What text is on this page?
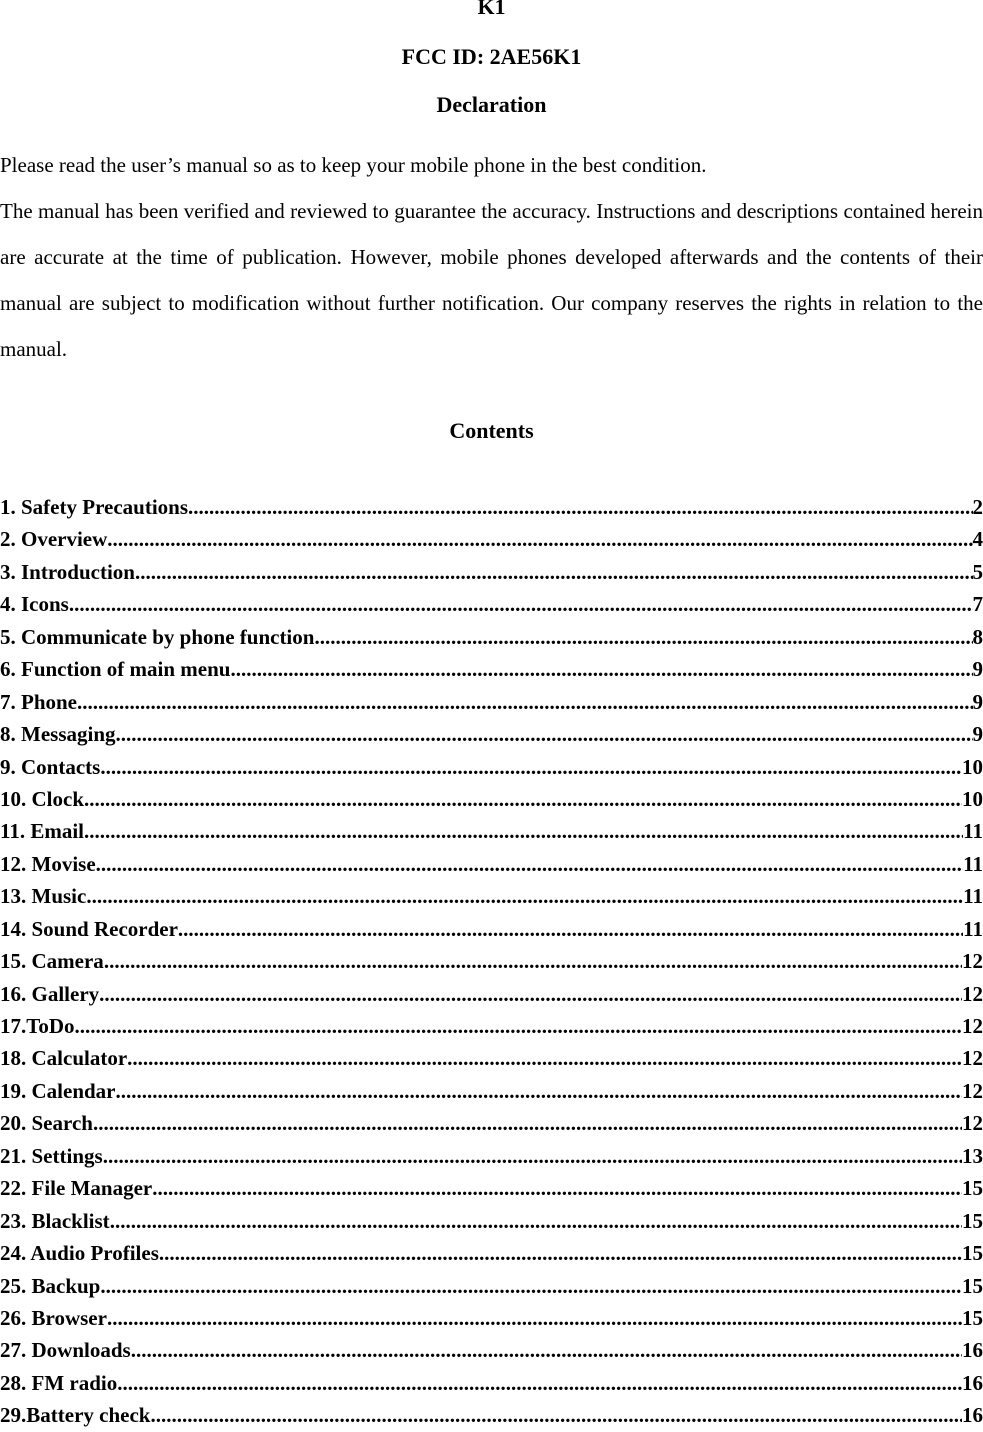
K1
FCC ID: 2AE56K1
Declaration

Please read the user’s manual so as to keep your mobile phone in the best condition.

The manual has been verified and reviewed to guarantee the accuracy. Instructions and descriptions contained herein are accurate at the time of publication. However, mobile phones developed afterwards and the contents of their manual are subject to modification without further notification. Our company reserves the rights in relation to the manual.

Contents
1. Safety Precautions .....	2
2. Overview .....	4
3. Introduction .....	5
4. Icons .....	7
5. Communicate by phone function .....	8
6. Function of main menu .....	9
7. Phone .....	9
8. Messaging .....	9
9. Contacts .....	10
10. Clock .....	10
11. Email .....	11
12. Movise .....	11
13. Music .....	11
14. Sound Recorder .....	11
15. Camera .....	12
16. Gallery .....	12
17.ToDo .....	12
18. Calculator .....	12
19. Calendar .....	12
20. Search .....	12
21. Settings .....	13
22. File Manager .....	15
23. Blacklist .....	15
24. Audio Profiles .....	15
25. Backup .....	15
26. Browser .....	15
27. Downloads .....	16
28. FM radio .....	16
29.Battery check .....	16
